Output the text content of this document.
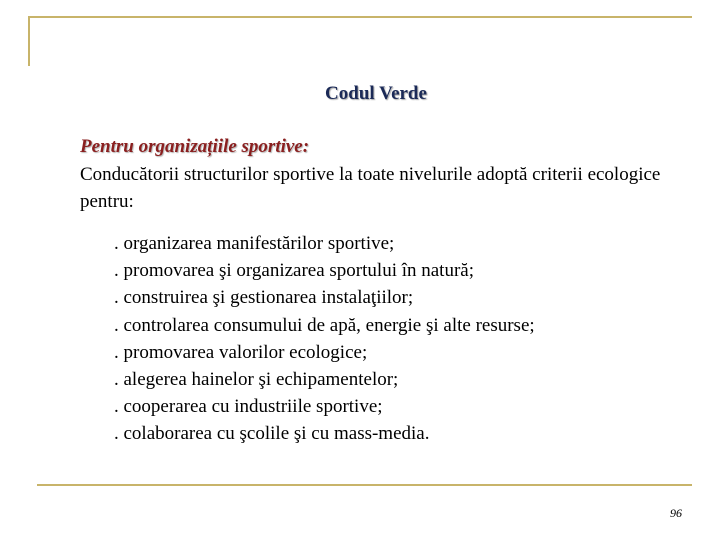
Codul Verde
Pentru organizațiile sportive:
Conducătorii structurilor sportive la toate nivelurile adoptă criterii ecologice pentru:
. organizarea manifestărilor sportive;
. promovarea şi organizarea sportului în natură;
. construirea şi gestionarea instalaţiilor;
. controlarea consumului de apă, energie şi alte resurse;
. promovarea valorilor ecologice;
. alegerea hainelor şi echipamentelor;
. cooperarea cu industriile sportive;
. colaborarea cu şcolile şi cu mass-media.
96
